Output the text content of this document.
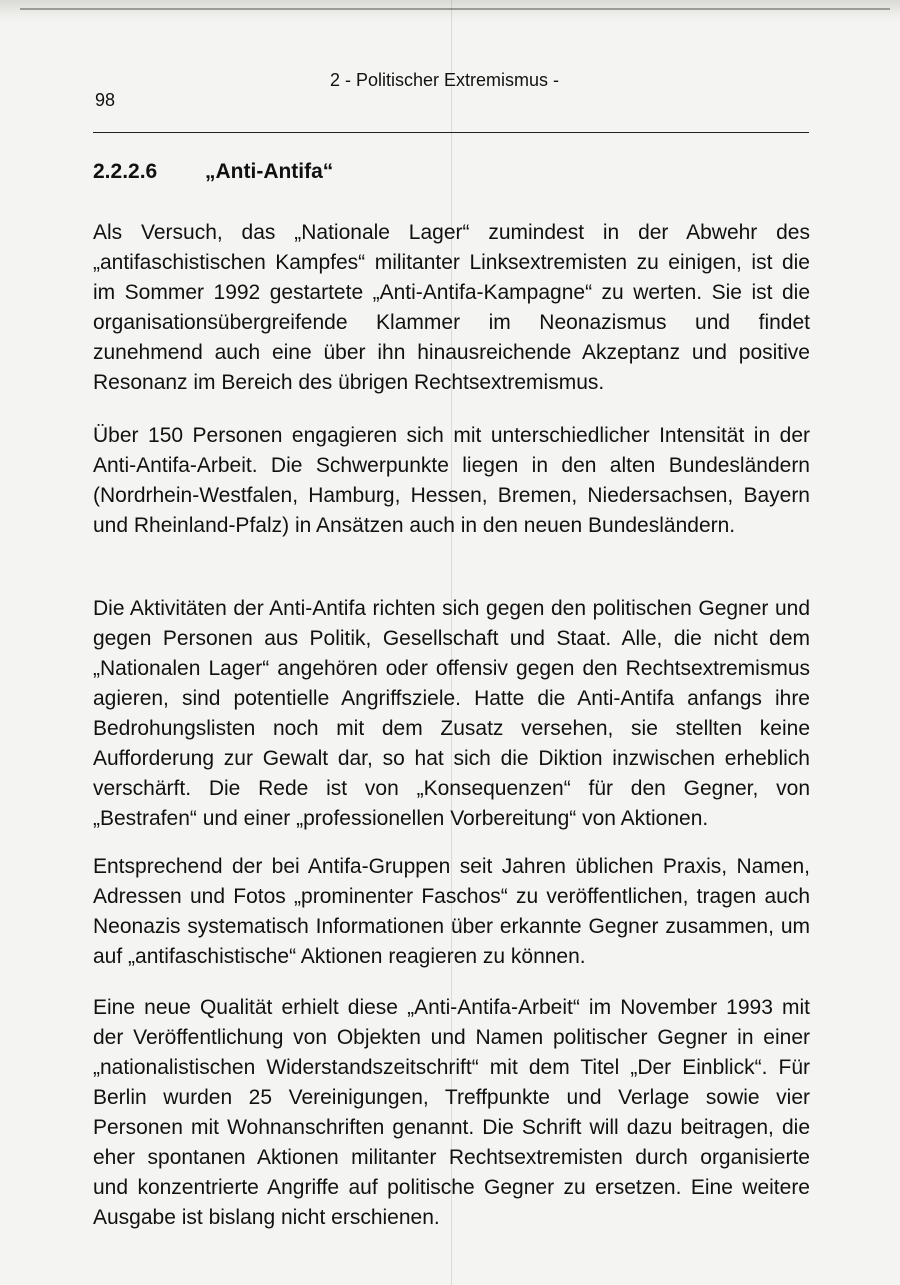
2 - Politischer Extremismus -
98
2.2.2.6	„Anti-Antifa“
Als Versuch, das „Nationale Lager“ zumindest in der Abwehr des „antifaschistischen Kampfes“ militanter Linksextremisten zu einigen, ist die im Sommer 1992 gestartete „Anti-Antifa-Kampagne“ zu werten. Sie ist die organisationsübergreifende Klammer im Neonazismus und findet zunehmend auch eine über ihn hinausreichende Akzeptanz und positive Resonanz im Bereich des übrigen Rechtsextremismus.
Über 150 Personen engagieren sich mit unterschiedlicher Intensität in der Anti-Antifa-Arbeit. Die Schwerpunkte liegen in den alten Bundesländern (Nordrhein-Westfalen, Hamburg, Hessen, Bremen, Niedersachsen, Bayern und Rheinland-Pfalz) in Ansätzen auch in den neuen Bundesländern.
Die Aktivitäten der Anti-Antifa richten sich gegen den politischen Gegner und gegen Personen aus Politik, Gesellschaft und Staat. Alle, die nicht dem „Nationalen Lager“ angehören oder offensiv gegen den Rechtsextremismus agieren, sind potentielle Angriffsziele. Hatte die Anti-Antifa anfangs ihre Bedrohungslisten noch mit dem Zusatz versehen, sie stellten keine Aufforderung zur Gewalt dar, so hat sich die Diktion inzwischen erheblich verschärft. Die Rede ist von „Konsequenzen“ für den Gegner, von „Bestrafen“ und einer „professionellen Vorbereitung“ von Aktionen.
Entsprechend der bei Antifa-Gruppen seit Jahren üblichen Praxis, Namen, Adressen und Fotos „prominenter Faschos“ zu veröffentlichen, tragen auch Neonazis systematisch Informationen über erkannte Gegner zusammen, um auf „antifaschistische“ Aktionen reagieren zu können.
Eine neue Qualität erhielt diese „Anti-Antifa-Arbeit“ im November 1993 mit der Veröffentlichung von Objekten und Namen politischer Gegner in einer „nationalistischen Widerstandszeitschrift“ mit dem Titel „Der Einblick“. Für Berlin wurden 25 Vereinigungen, Treffpunkte und Verlage sowie vier Personen mit Wohnanschriften genannt. Die Schrift will dazu beitragen, die eher spontanen Aktionen militanter Rechtsextremisten durch organisierte und konzentrierte Angriffe auf politische Gegner zu ersetzen. Eine weitere Ausgabe ist bislang nicht erschienen.
